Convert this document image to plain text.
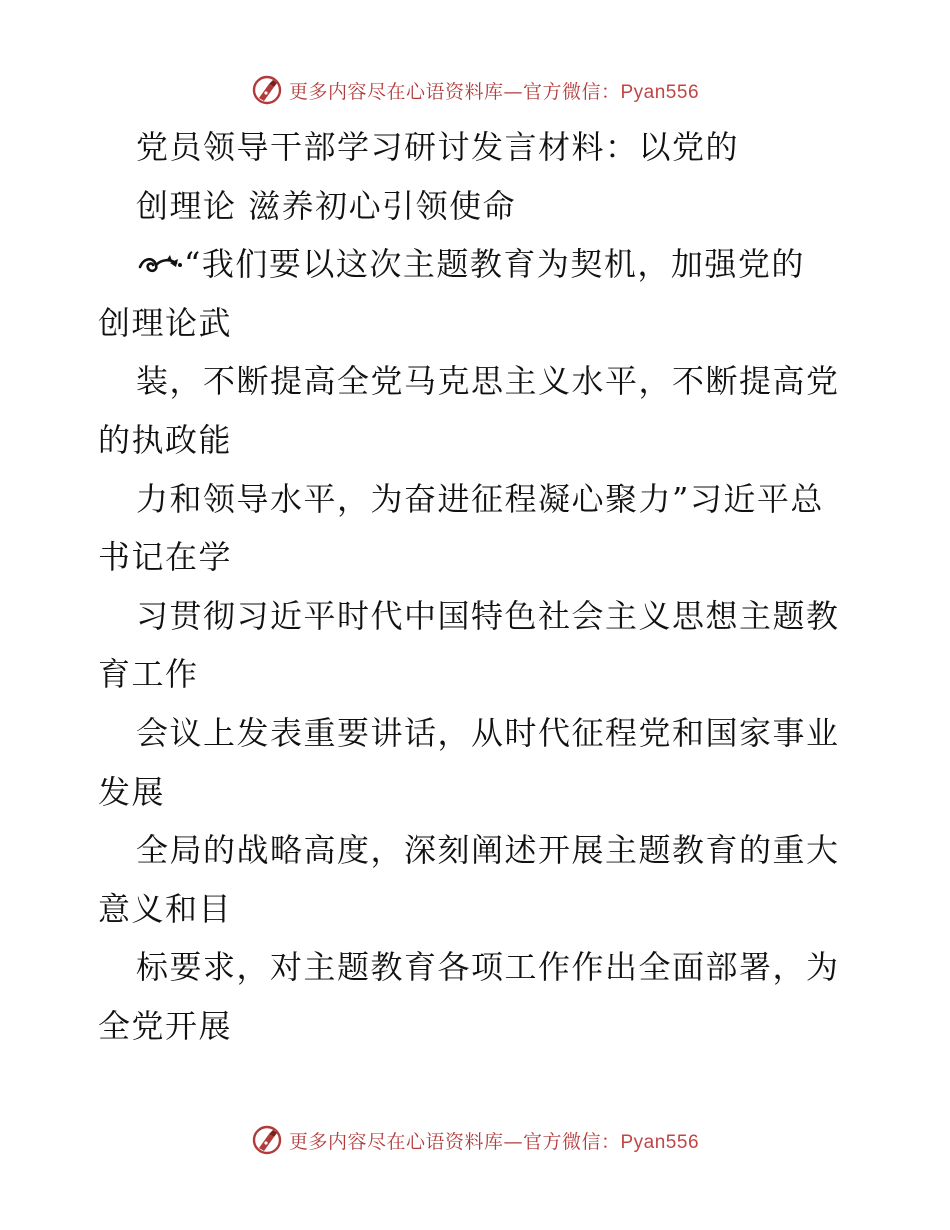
更多内容尽在心语资料库—官方微信：Pyan556
党员领导干部学习研讨发言材料：以党的
创理论 滋养初心引领使命
“我们要以这次主题教育为契机，加强党的
创理论武
装，不断提高全党马克思主义水平，不断提高党
的执政能
力和领导水平，为奋进征程凝心聚力”习近平总
书记在学
习贯彻习近平时代中国特色社会主义思想主题教
育工作
会议上发表重要讲话，从时代征程党和国家事业
发展
全局的战略高度，深刻阐述开展主题教育的重大
意义和目
标要求，对主题教育各项工作作出全面部署，为
全党开展
更多内容尽在心语资料库—官方微信：Pyan556
